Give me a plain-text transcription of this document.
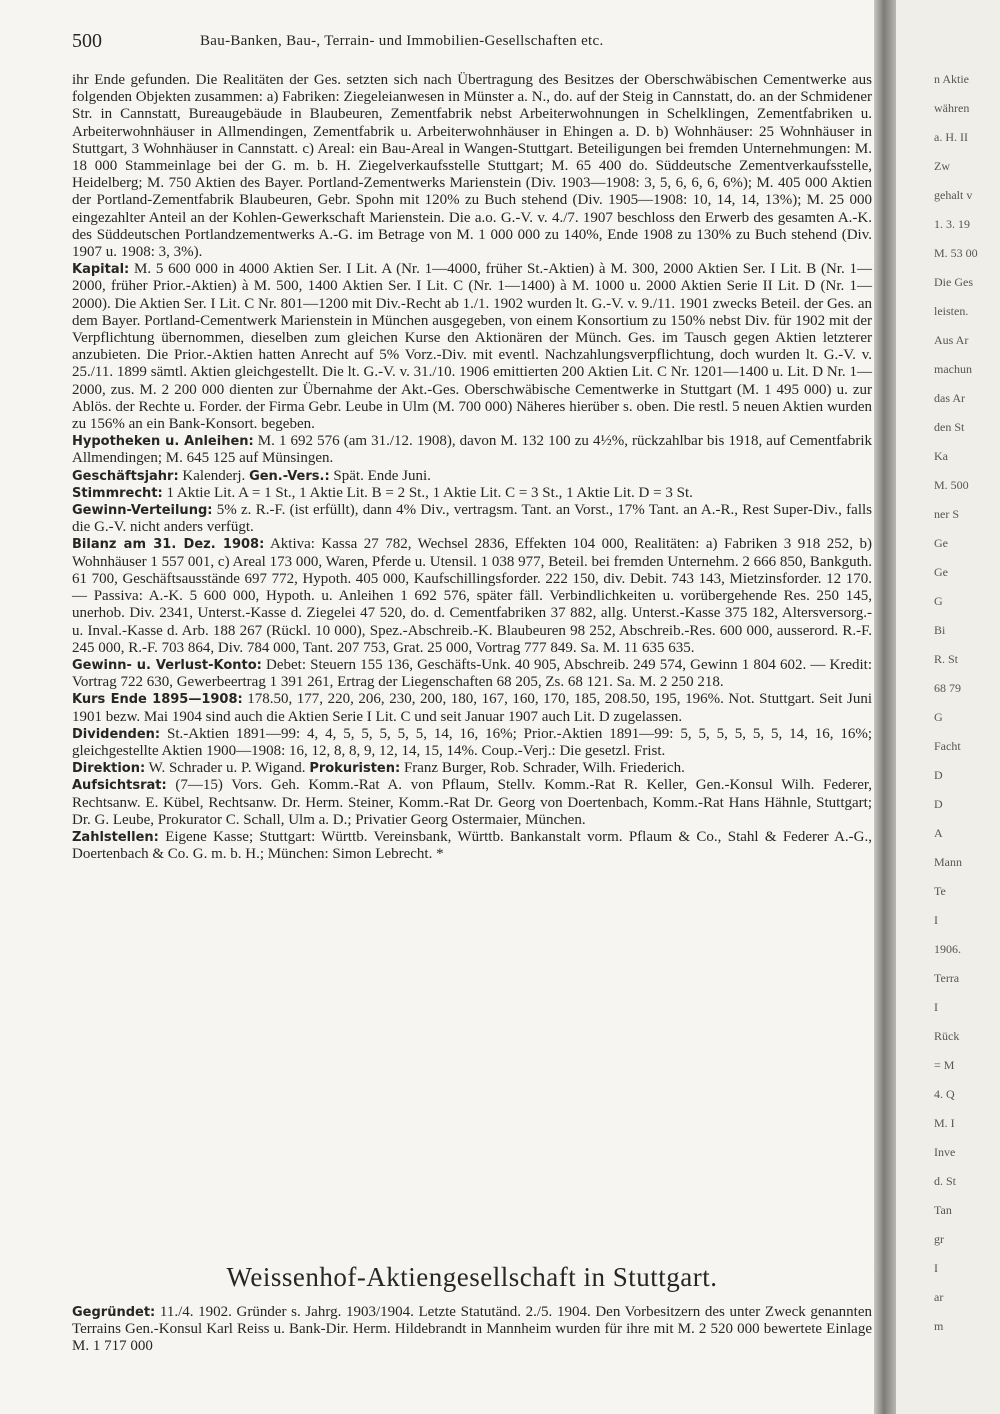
500	Bau-Banken, Bau-, Terrain- und Immobilien-Gesellschaften etc.

ihr Ende gefunden. Die Realitäten der Ges. setzten sich nach Übertragung des Besitzes der Oberschwäbischen Cementwerke aus folgenden Objekten zusammen: a) Fabriken: Ziegeleianwesen in Münster a. N., do. auf der Steig in Cannstatt, do. an der Schmidener Str. in Cannstatt, Bureaugebäude in Blaubeuren, Zementfabrik nebst Arbeiterwohnungen in Schelklingen, Zementfabriken u. Arbeiterwohnhäuser in Allmendingen, Zementfabrik u. Arbeiterwohnhäuser in Ehingen a. D. b) Wohnhäuser: 25 Wohnhäuser in Stuttgart, 3 Wohnhäuser in Cannstatt. c) Areal: ein Bau-Areal in Wangen-Stuttgart. Beteiligungen bei fremden Unternehmungen: M. 18 000 Stammeinlage bei der G. m. b. H. Ziegelverkaufsstelle Stuttgart; M. 65 400 do. Süddeutsche Zementverkaufsstelle, Heidelberg; M. 750 Aktien des Bayer. Portland-Zementwerks Marienstein (Div. 1903—1908: 3, 5, 6, 6, 6, 6%); M. 405 000 Aktien der Portland-Zementfabrik Blaubeuren, Gebr. Spohn mit 120% zu Buch stehend (Div. 1905—1908: 10, 14, 14, 13%); M. 25 000 eingezahlter Anteil an der Kohlen-Gewerkschaft Marienstein. Die a.o. G.-V. v. 4./7. 1907 beschloss den Erwerb des gesamten A.-K. des Süddeutschen Portlandzementwerks A.-G. im Betrage von M. 1 000 000 zu 140%, Ende 1908 zu 130% zu Buch stehend (Div. 1907 u. 1908: 3, 3%).

Kapital: M. 5 600 000 in 4000 Aktien Ser. I Lit. A (Nr. 1—4000, früher St.-Aktien) à M. 300, 2000 Aktien Ser. I Lit. B (Nr. 1—2000, früher Prior.-Aktien) à M. 500, 1400 Aktien Ser. I Lit. C (Nr. 1—1400) à M. 1000 u. 2000 Aktien Serie II Lit. D (Nr. 1—2000). Die Aktien Ser. I Lit. C Nr. 801—1200 mit Div.-Recht ab 1./1. 1902 wurden lt. G.-V. v. 9./11. 1901 zwecks Beteil. der Ges. an dem Bayer. Portland-Cementwerk Marienstein in München ausgegeben, von einem Konsortium zu 150% nebst Div. für 1902 mit der Verpflichtung übernommen, dieselben zum gleichen Kurse den Aktionären der Münch. Ges. im Tausch gegen Aktien letzterer anzubieten. Die Prior.-Aktien hatten Anrecht auf 5% Vorz.-Div. mit eventl. Nachzahlungsverpflichtung, doch wurden lt. G.-V. v. 25./11. 1899 sämtl. Aktien gleichgestellt. Die lt. G.-V. v. 31./10. 1906 emittierten 200 Aktien Lit. C Nr. 1201—1400 u. Lit. D Nr. 1—2000, zus. M. 2 200 000 dienten zur Übernahme der Akt.-Ges. Oberschwäbische Cementwerke in Stuttgart (M. 1 495 000) u. zur Ablös. der Rechte u. Forder. der Firma Gebr. Leube in Ulm (M. 700 000) Näheres hierüber s. oben. Die restl. 5 neuen Aktien wurden zu 156% an ein Bank-Konsort. begeben.

Hypotheken u. Anleihen: M. 1 692 576 (am 31./12. 1908), davon M. 132 100 zu 4½%, rückzahlbar bis 1918, auf Cementfabrik Allmendingen; M. 645 125 auf Münsingen.

Geschäftsjahr: Kalenderj. Gen.-Vers.: Spät. Ende Juni.

Stimmrecht: 1 Aktie Lit. A = 1 St., 1 Aktie Lit. B = 2 St., 1 Aktie Lit. C = 3 St., 1 Aktie Lit. D = 3 St.

Gewinn-Verteilung: 5% z. R.-F. (ist erfüllt), dann 4% Div., vertragsm. Tant. an Vorst., 17% Tant. an A.-R., Rest Super-Div., falls die G.-V. nicht anders verfügt.

Bilanz am 31. Dez. 1908: Aktiva: Kassa 27 782, Wechsel 2836, Effekten 104 000, Realitäten: a) Fabriken 3 918 252, b) Wohnhäuser 1 557 001, c) Areal 173 000, Waren, Pferde u. Utensil. 1 038 977, Beteil. bei fremden Unternehm. 2 666 850, Bankguth. 61 700, Geschäftsausstände 697 772, Hypoth. 405 000, Kaufschillingsforder. 222 150, div. Debit. 743 143, Mietzinsforder. 12 170. — Passiva: A.-K. 5 600 000, Hypoth. u. Anleihen 1 692 576, später fäll. Verbindlichkeiten u. vorübergehende Res. 250 145, unerhob. Div. 2341, Unterst.-Kasse d. Ziegelei 47 520, do. d. Cementfabriken 37 882, allg. Unterst.-Kasse 375 182, Altersversorg.- u. Inval.-Kasse d. Arb. 188 267 (Rückl. 10 000), Spez.-Abschreib.-K. Blaubeuren 98 252, Abschreib.-Res. 600 000, ausserord. R.-F. 245 000, R.-F. 703 864, Div. 784 000, Tant. 207 753, Grat. 25 000, Vortrag 777 849. Sa. M. 11 635 635.

Gewinn- u. Verlust-Konto: Debet: Steuern 155 136, Geschäfts-Unk. 40 905, Abschreib. 249 574, Gewinn 1 804 602. — Kredit: Vortrag 722 630, Gewerbeertrag 1 391 261, Ertrag der Liegenschaften 68 205, Zs. 68 121. Sa. M. 2 250 218.

Kurs Ende 1895—1908: 178.50, 177, 220, 206, 230, 200, 180, 167, 160, 170, 185, 208.50, 195, 196%. Not. Stuttgart. Seit Juni 1901 bezw. Mai 1904 sind auch die Aktien Serie I Lit. C und seit Januar 1907 auch Lit. D zugelassen.

Dividenden: St.-Aktien 1891—99: 4, 4, 5, 5, 5, 5, 5, 14, 16, 16%; Prior.-Aktien 1891—99: 5, 5, 5, 5, 5, 5, 14, 16, 16%; gleichgestellte Aktien 1900—1908: 16, 12, 8, 8, 9, 12, 14, 15, 14%. Coup.-Verj.: Die gesetzl. Frist.

Direktion: W. Schrader u. P. Wigand. Prokuristen: Franz Burger, Rob. Schrader, Wilh. Friederich.

Aufsichtsrat: (7—15) Vors. Geh. Komm.-Rat A. von Pflaum, Stellv. Komm.-Rat R. Keller, Gen.-Konsul Wilh. Federer, Rechtsanw. E. Kübel, Rechtsanw. Dr. Herm. Steiner, Komm.-Rat Dr. Georg von Doertenbach, Komm.-Rat Hans Hähnle, Stuttgart; Dr. G. Leube, Prokurator C. Schall, Ulm a. D.; Privatier Georg Ostermaier, München.

Zahlstellen: Eigene Kasse; Stuttgart: Württb. Vereinsbank, Württb. Bankanstalt vorm. Pflaum & Co., Stahl & Federer A.-G., Doertenbach & Co. G. m. b. H.; München: Simon Lebrecht. *

Weissenhof-Aktiengesellschaft in Stuttgart.
Gegründet: 11./4. 1902. Gründer s. Jahrg. 1903/1904. Letzte Statutänd. 2./5. 1904. Den Vorbesitzern des unter Zweck genannten Terrains Gen.-Konsul Karl Reiss u. Bank-Dir. Herm. Hildebrandt in Mannheim wurden für ihre mit M. 2 520 000 bewertete Einlage M. 1 717 000
n Aktie
währen
a. H. II
Zw
gehalt v
1. 3. 19
M. 53 00
Die Ges
leisten.
Aus Ar
machun
das Ar
den St
Ka
M. 500
ner S
Ge
Ge
G
Bi
R. St
68 79
G
Facht
D
D
A
Mann
Te
I
1906.
Terra
I
Rück
= M
4. Q
M. I
Inve
d. St
Tan
gr
I
ar
m
